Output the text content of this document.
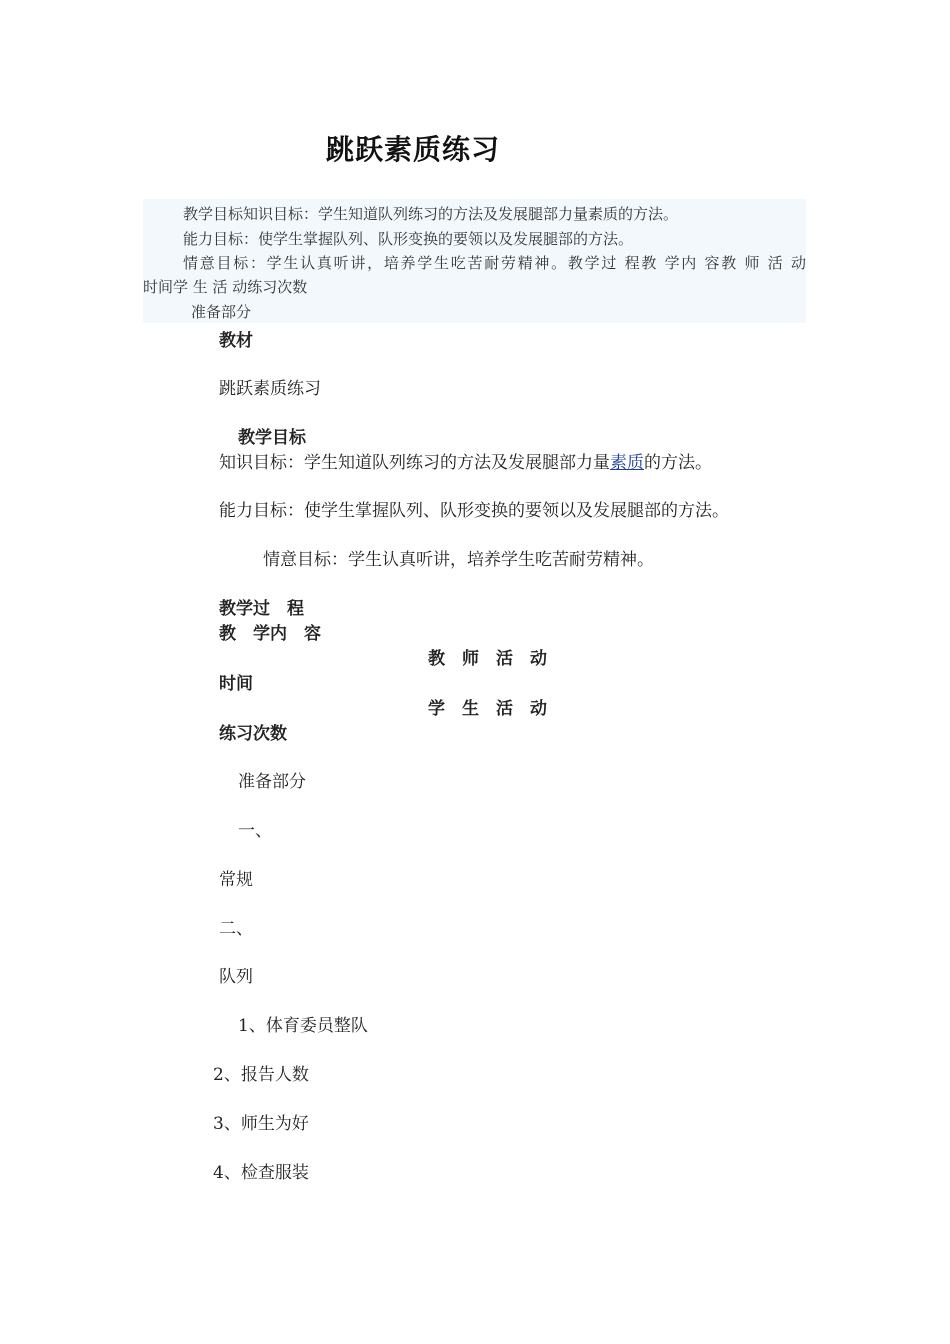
跳跃素质练习
教学目标知识目标：学生知道队列练习的方法及发展腿部力量素质的方法。
能力目标：使学生掌握队列、队形变换的要领以及发展腿部的方法。
情意目标：学生认真听讲，培养学生吃苦耐劳精神。教学过 程教 学内 容教 师 活 动
时间学 生 活 动练习次数
准备部分
教材
跳跃素质练习
教学目标
知识目标：学生知道队列练习的方法及发展腿部力量素质的方法。
能力目标：使学生掌握队列、队形变换的要领以及发展腿部的方法。
情意目标：学生认真听讲，培养学生吃苦耐劳精神。
教学过　程
教　学内　容
教　师　活　动
时间
学　生　活　动
练习次数
准备部分
一、
常规
二、
队列
1、体育委员整队
2、报告人数
3、师生为好
4、检查服装
